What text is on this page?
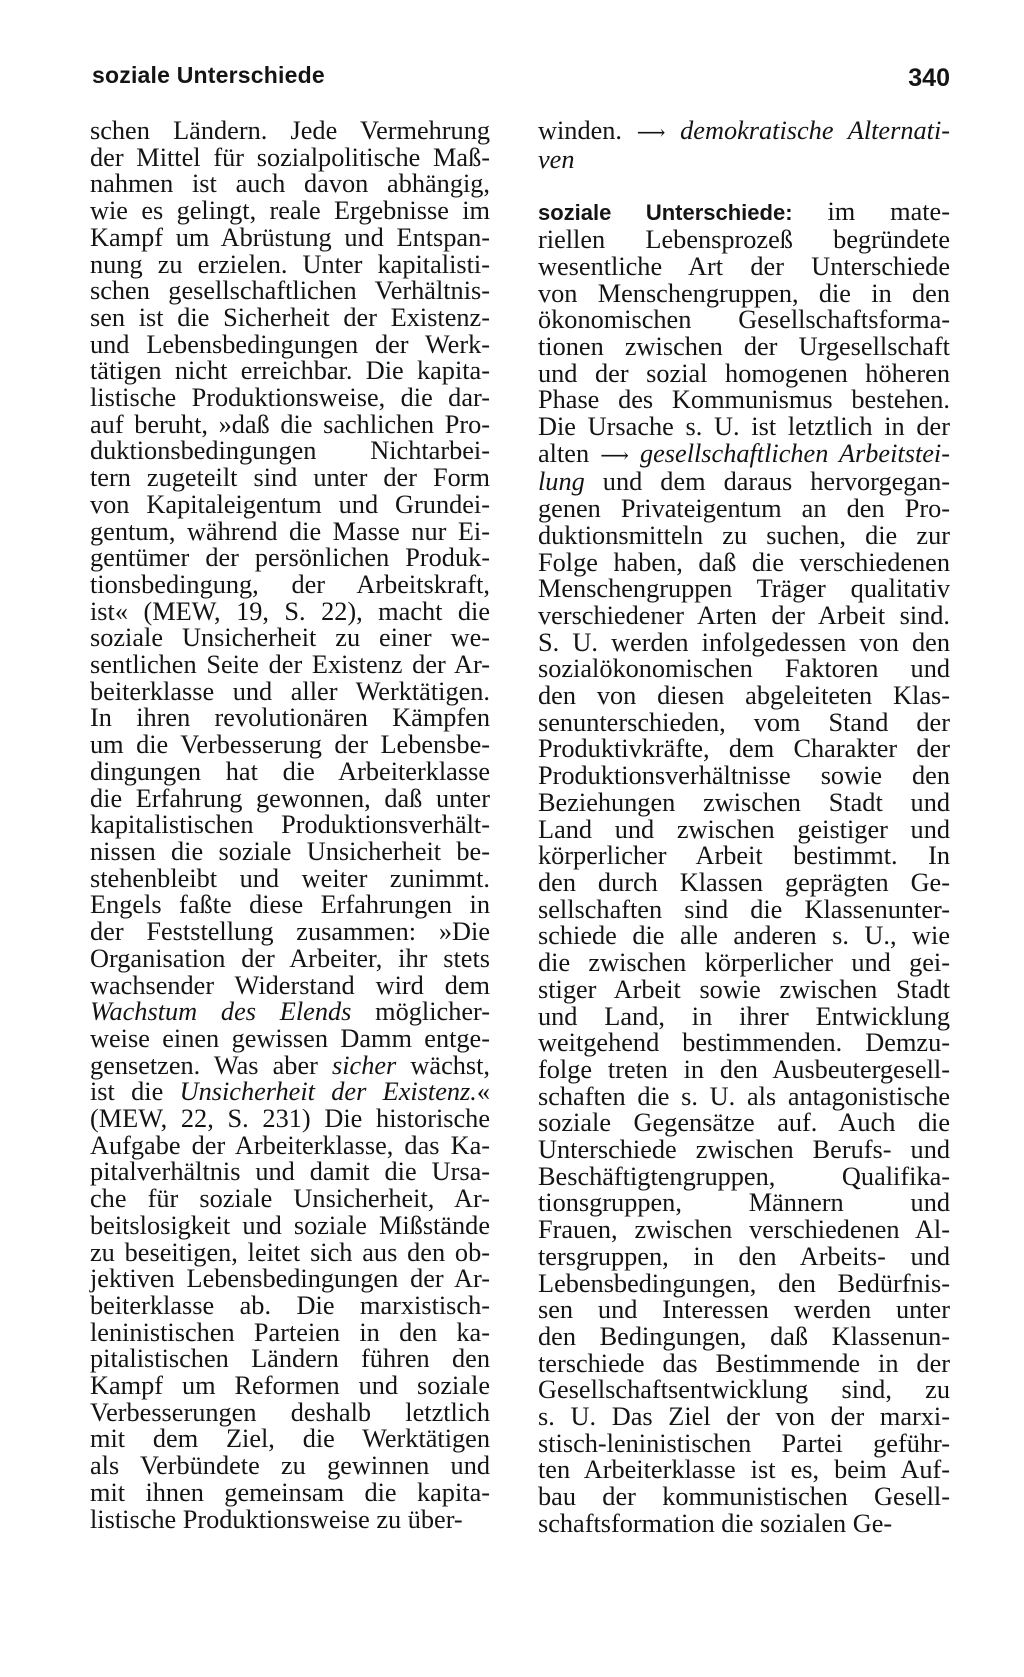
soziale Unterschiede	340

schen Ländern. Jede Vermehrung
der Mittel für sozialpolitische Maß-
nahmen ist auch davon abhängig,
wie es gelingt, reale Ergebnisse im
Kampf um Abrüstung und Entspan-
nung zu erzielen. Unter kapitalisti-
schen gesellschaftlichen Verhältnis-
sen ist die Sicherheit der Existenz-
und Lebensbedingungen der Werk-
tätigen nicht erreichbar. Die kapita-
listische Produktionsweise, die dar-
auf beruht, »daß die sachlichen Pro-
duktionsbedingungen Nichtarbei-
tern zugeteilt sind unter der Form
von Kapitaleigentum und Grundei-
gentum, während die Masse nur Ei-
gentümer der persönlichen Produk-
tionsbedingung, der Arbeitskraft,
ist« (MEW, 19, S. 22), macht die
soziale Unsicherheit zu einer we-
sentlichen Seite der Existenz der Ar-
beiterklasse und aller Werktätigen.
In ihren revolutionären Kämpfen
um die Verbesserung der Lebensbe-
dingungen hat die Arbeiterklasse
die Erfahrung gewonnen, daß unter
kapitalistischen Produktionsverhält-
nissen die soziale Unsicherheit be-
stehenbleibt und weiter zunimmt.
Engels faßte diese Erfahrungen in
der Feststellung zusammen: »Die
Organisation der Arbeiter, ihr stets
wachsender Widerstand wird dem
Wachstum des Elends möglicher-
weise einen gewissen Damm entge-
gensetzen. Was aber sicher wächst,
ist die Unsicherheit der Existenz.«
(MEW, 22, S. 231) Die historische
Aufgabe der Arbeiterklasse, das Ka-
pitalverhältnis und damit die Ursa-
che für soziale Unsicherheit, Ar-
beitslosigkeit und soziale Mißstände
zu beseitigen, leitet sich aus den ob-
jektiven Lebensbedingungen der Ar-
beiterklasse ab. Die marxistisch-
leninistischen Parteien in den ka-
pitalistischen Ländern führen den
Kampf um Reformen und soziale
Verbesserungen deshalb letztlich
mit dem Ziel, die Werktätigen
als Verbündete zu gewinnen und
mit ihnen gemeinsam die kapita-
listische Produktionsweise zu über-

winden. ⟶ demokratische Alternati-
ven

soziale Unterschiede: im mate-
riellen Lebensprozeß begründete
wesentliche Art der Unterschiede
von Menschengruppen, die in den
ökonomischen Gesellschaftsforma-
tionen zwischen der Urgesellschaft
und der sozial homogenen höheren
Phase des Kommunismus bestehen.
Die Ursache s. U. ist letztlich in der
alten ⟶ gesellschaftlichen Arbeitstei-
lung und dem daraus hervorgegan-
genen Privateigentum an den Pro-
duktionsmitteln zu suchen, die zur
Folge haben, daß die verschiedenen
Menschengruppen Träger qualitativ
verschiedener Arten der Arbeit sind.
S. U. werden infolgedessen von den
sozialökonomischen Faktoren und
den von diesen abgeleiteten Klas-
senunterschieden, vom Stand der
Produktivkräfte, dem Charakter der
Produktionsverhältnisse sowie den
Beziehungen zwischen Stadt und
Land und zwischen geistiger und
körperlicher Arbeit bestimmt. In
den durch Klassen geprägten Ge-
sellschaften sind die Klassenunter-
schiede die alle anderen s. U., wie
die zwischen körperlicher und gei-
stiger Arbeit sowie zwischen Stadt
und Land, in ihrer Entwicklung
weitgehend bestimmenden. Demzu-
folge treten in den Ausbeutergesell-
schaften die s. U. als antagonistische
soziale Gegensätze auf. Auch die
Unterschiede zwischen Berufs- und
Beschäftigtengruppen, Qualifika-
tionsgruppen, Männern und
Frauen, zwischen verschiedenen Al-
tersgruppen, in den Arbeits- und
Lebensbedingungen, den Bedürfnis-
sen und Interessen werden unter
den Bedingungen, daß Klassenun-
terschiede das Bestimmende in der
Gesellschaftsentwicklung sind, zu
s. U. Das Ziel der von der marxi-
stisch-leninistischen Partei geführ-
ten Arbeiterklasse ist es, beim Auf-
bau der kommunistischen Gesell-
schaftsformation die sozialen Ge-
